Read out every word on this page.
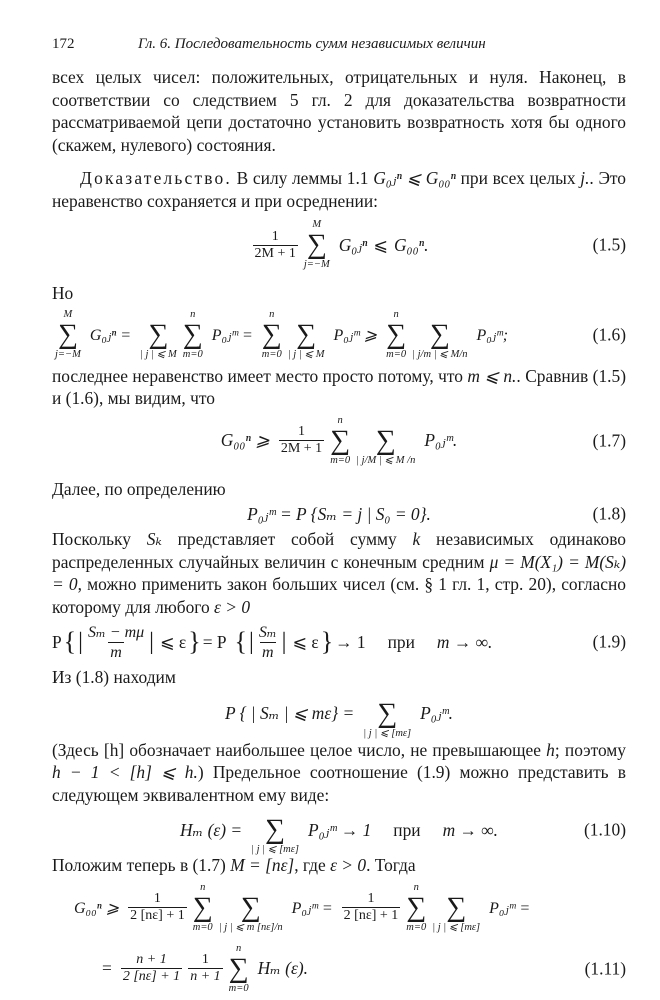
172	Гл. 6. Последовательность сумм независимых величин

всех целых чисел: положительных, отрицательных и нуля. Наконец, в соответствии со следствием 5 гл. 2 для доказательства возвратности рассматриваемой цепи достаточно установить возвратность хотя бы одного (скажем, нулевого) состояния.

Доказательство. В силу леммы 1.1 G₀ⱼⁿ ⩽ G₀₀ⁿ при всех целых j.. Это неравенство сохраняется и при осреднении:

$\frac{1}{2M + 1}$
M
∑
j=−M
G₀ⱼⁿ ⩽ G₀₀ⁿ.	(1.5)

Но

M
∑
j=−M
G₀ⱼⁿ = ∑
| j | ⩽ M
n
∑
m=0
P₀ⱼᵐ =
n
∑
m=0
∑
| j | ⩽ M
P₀ⱼᵐ ⩾
n
∑
m=0
∑
| j/m | ⩽ M/n
P₀ⱼᵐ;	(1.6)

последнее неравенство имеет место просто потому, что m ⩽ n.. Сравнив (1.5) и (1.6), мы видим, что

G₀₀ⁿ ⩾ $\frac{1}{2M + 1}$
n
∑
m=0
∑
| j/M | ⩽ M /n
P₀ⱼᵐ.	(1.7)

Далее, по определению

P₀ⱼᵐ = P {Sₘ = j | S₀ = 0}.	(1.8)

Поскольку Sₖ представляет собой сумму k независимых одинаково распределенных случайных величин с конечным средним μ = M(X₁) = M(Sₖ) = 0, можно применить закон больших чисел (см. § 1 гл. 1, стр. 20), согласно которому для любого ε > 0

P { | $\frac{\text{Sₘ − mμ}}{m}$ | ⩽ ε } = P { | $\frac{\text{Sₘ}}{m}$ | ⩽ ε } → 1 при m → ∞.	(1.9)

Из (1.8) находим

P { | Sₘ | ⩽ mε} = ∑
| j | ⩽ [mε]
P₀ⱼᵐ.

(Здесь [h] обозначает наибольшее целое число, не превышающее h; поэтому h − 1 < [h] ⩽ h.) Предельное соотношение (1.9) можно представить в следующем эквивалентном ему виде:

Hₘ (ε) = ∑
| j | ⩽ [mε]
P₀ⱼᵐ → 1 при m → ∞.	(1.10)

Положим теперь в (1.7) M = [nε], где ε > 0. Тогда

G₀₀ⁿ ⩾ $\frac{1}{2 [n\varepsilon] + 1}$
n
∑
m=0
∑
| j | ⩽ m [nε]/n
P₀ⱼᵐ = $\frac{1}{2 [n\varepsilon] + 1}$
n
∑
m=0
∑
| j | ⩽ [mε]
P₀ⱼᵐ =
= $\frac{n + 1}{2 [n\varepsilon] + 1} \frac{1}{n + 1}$
n
∑
m=0
Hₘ (ε).	(1.11)
